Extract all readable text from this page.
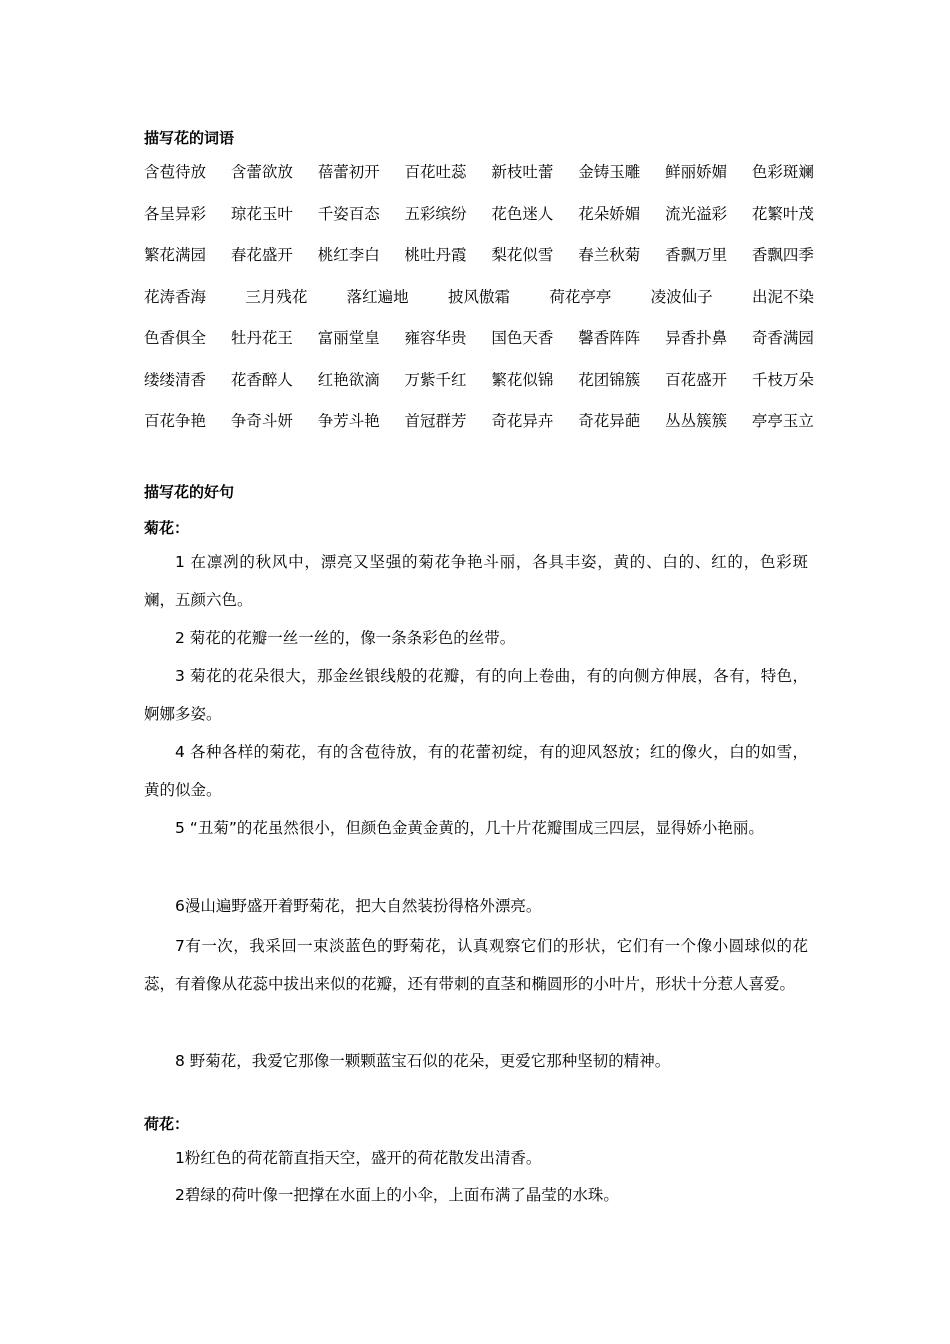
描写花的词语
含苞待放 含蕾欲放 蓓蕾初开 百花吐蕊 新枝吐蕾 金铸玉雕 鲜丽娇媚 色彩斑斓
各呈异彩 琼花玉叶 千姿百态 五彩缤纷 花色迷人 花朵娇媚 流光溢彩 花繁叶茂
繁花满园 春花盛开 桃红李白 桃吐丹霞 梨花似雪 春兰秋菊 香飘万里 香飘四季
花涛香海	三月残花	落红遍地	披风傲霜	荷花亭亭	凌波仙子	出泥不染
色香俱全 牡丹花王 富丽堂皇 雍容华贵 国色天香 馨香阵阵 异香扑鼻 奇香满园
缕缕清香 花香醉人 红艳欲滴 万紫千红 繁花似锦 花团锦簇 百花盛开 千枝万朵
百花争艳 争奇斗妍 争芳斗艳 首冠群芳 奇花异卉 奇花异葩 丛丛簇簇 亭亭玉立
描写花的好句
菊花：
1 在凛冽的秋风中，漂亮又坚强的菊花争艳斗丽，各具丰姿，黄的、白的、红的，色彩斑斓，五颜六色。
2 菊花的花瓣一丝一丝的，像一条条彩色的丝带。
3 菊花的花朵很大，那金丝银线般的花瓣，有的向上卷曲，有的向侧方伸展，各有，特色，婀娜多姿。
4 各种各样的菊花，有的含苞待放，有的花蕾初绽，有的迎风怒放；红的像火，白的如雪，黄的似金。
5 “丑菊”的花虽然很小，但颜色金黄金黄的，几十片花瓣围成三四层，显得娇小艳丽。
6漫山遍野盛开着野菊花，把大自然装扮得格外漂亮。
7有一次，我采回一束淡蓝色的野菊花，认真观察它们的形状，它们有一个像小圆球似的花蕊，有着像从花蕊中拔出来似的花瓣，还有带刺的直茎和椭圆形的小叶片，形状十分惹人喜爱。
8 野菊花，我爱它那像一颗颗蓝宝石似的花朵，更爱它那种坚韧的精神。
荷花：
1粉红色的荷花箭直指天空，盛开的荷花散发出清香。
2碧绿的荷叶像一把撑在水面上的小伞，上面布满了晶莹的水珠。
